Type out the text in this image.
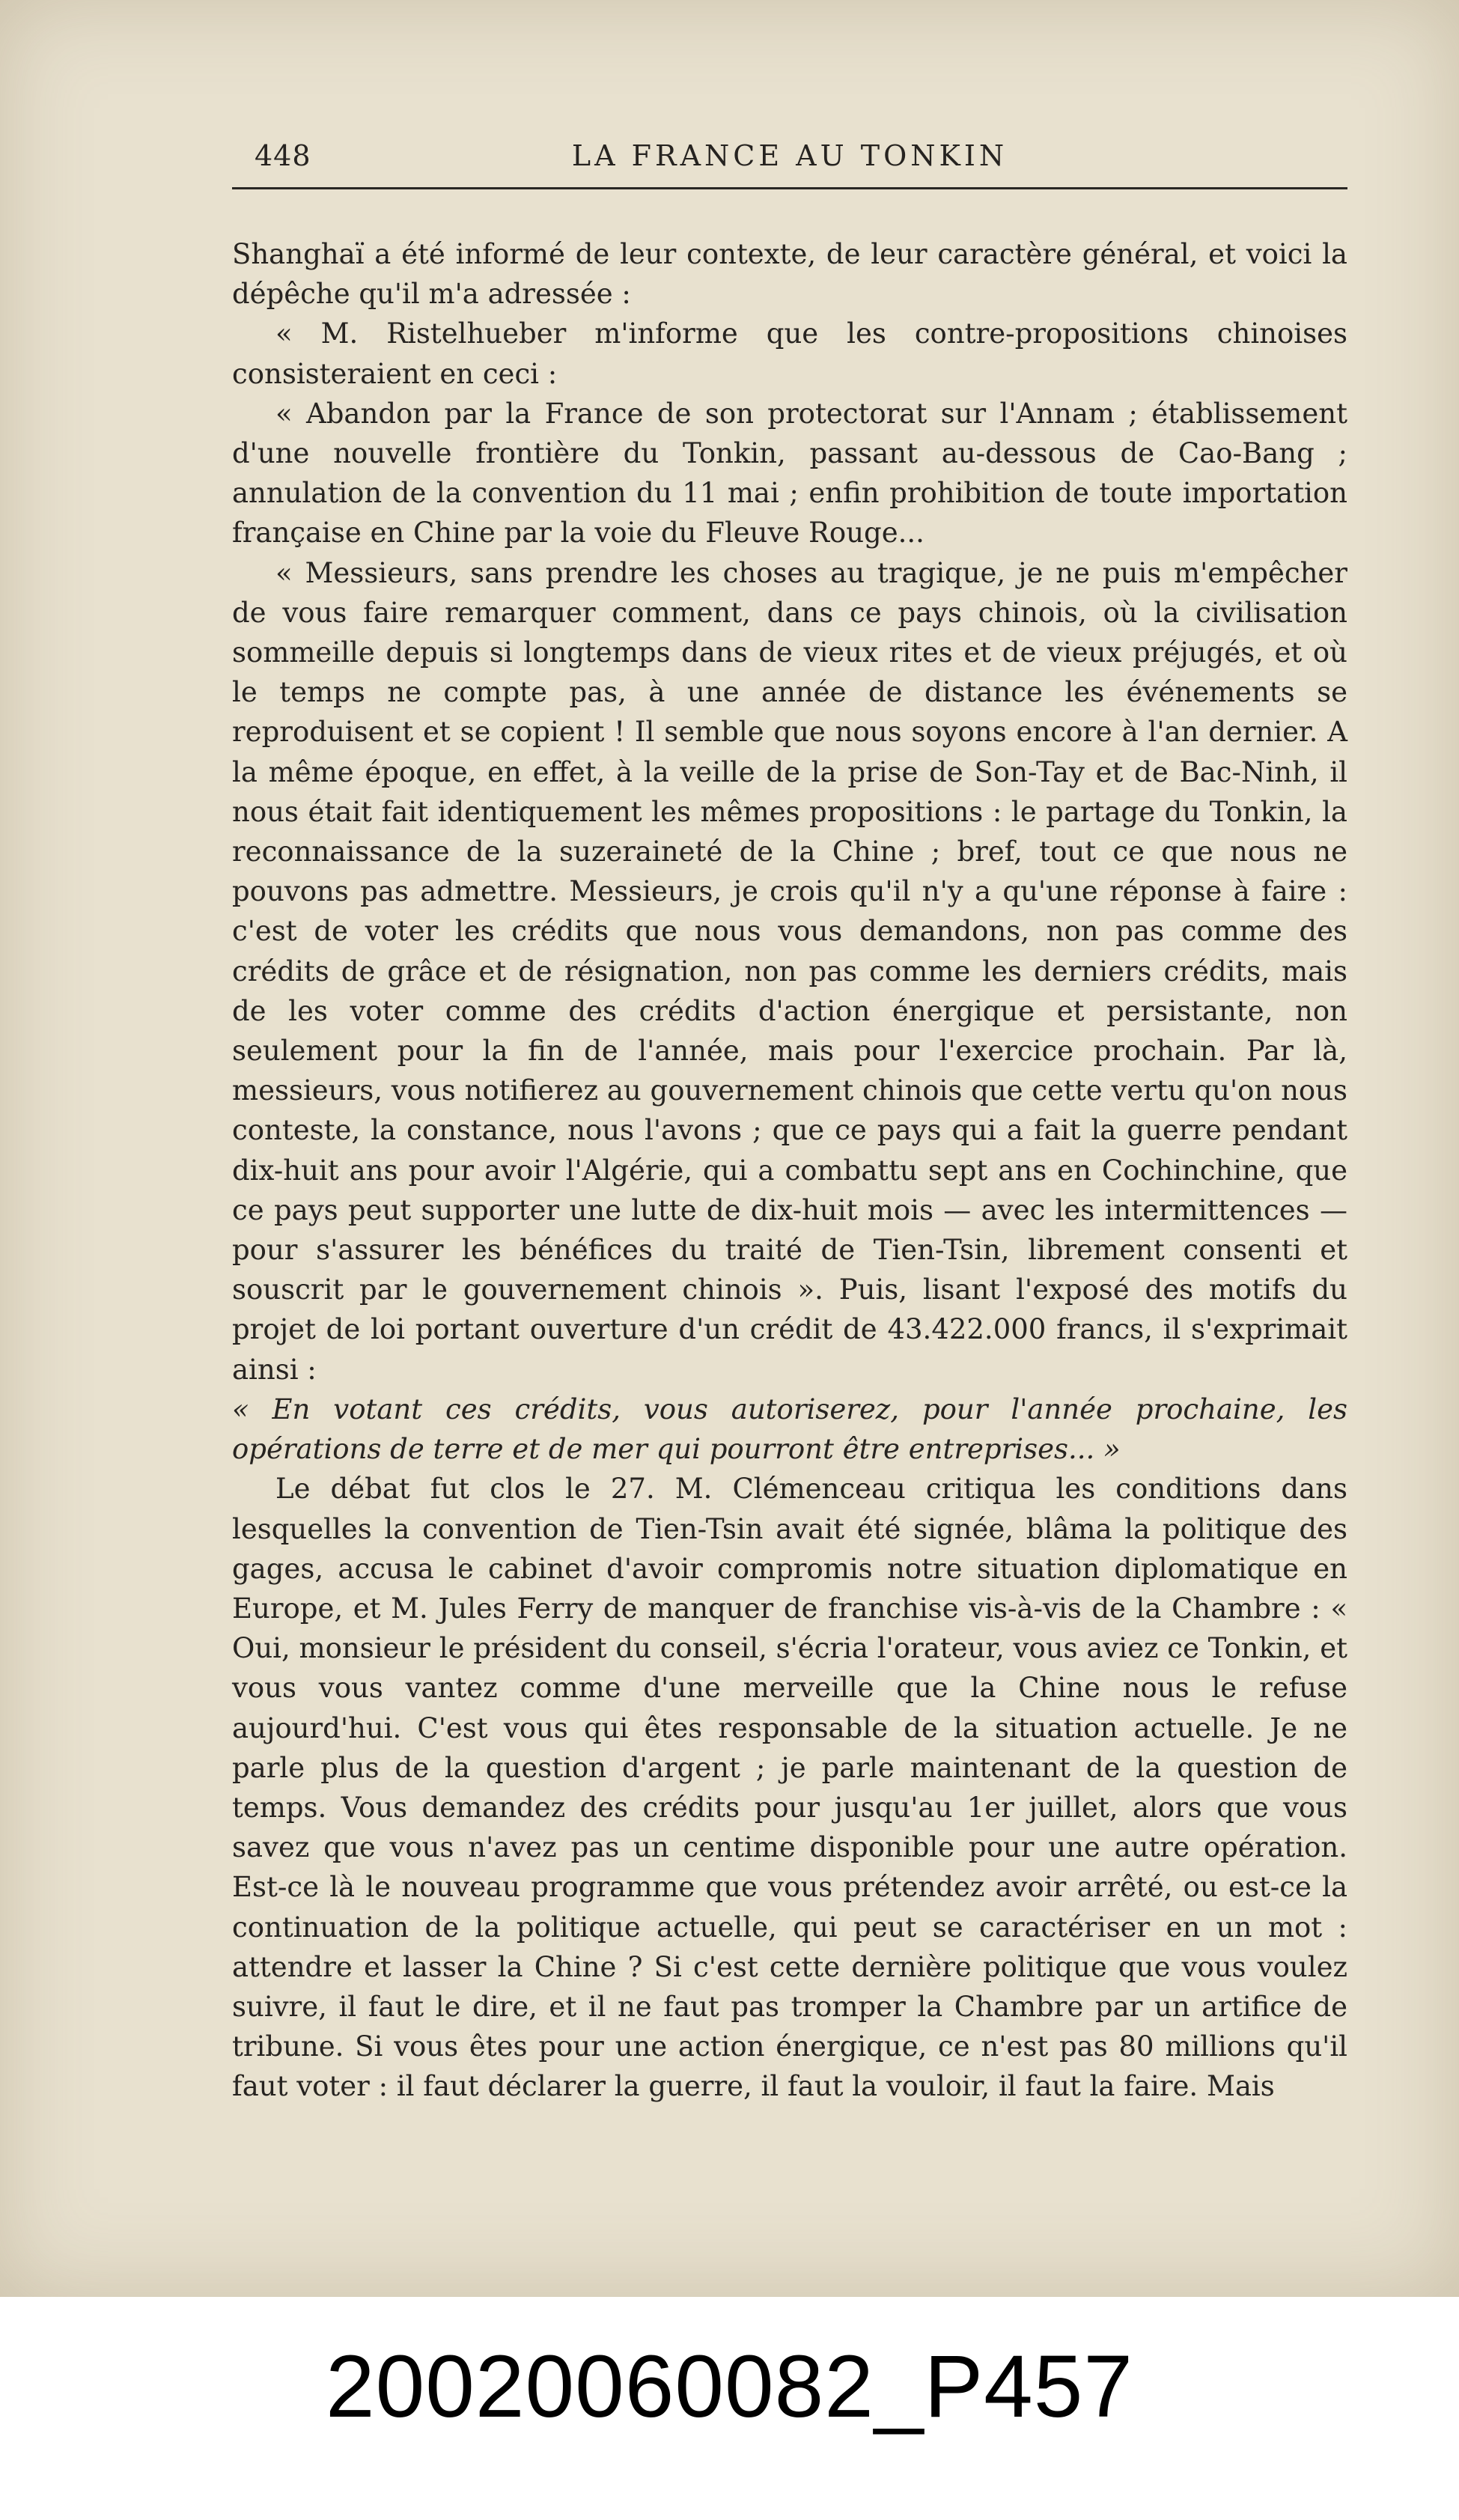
448	LA FRANCE AU TONKIN

Shanghaï a été informé de leur contexte, de leur caractère général, et voici la dépêche qu'il m'a adressée :

« M. Ristelhueber m'informe que les contre-propositions chinoises consisteraient en ceci :

« Abandon par la France de son protectorat sur l'Annam ; établissement d'une nouvelle frontière du Tonkin, passant au-dessous de Cao-Bang ; annulation de la convention du 11 mai ; enfin prohibition de toute importation française en Chine par la voie du Fleuve Rouge...

« Messieurs, sans prendre les choses au tragique, je ne puis m'empêcher de vous faire remarquer comment, dans ce pays chinois, où la civilisation sommeille depuis si longtemps dans de vieux rites et de vieux préjugés, et où le temps ne compte pas, à une année de distance les événements se reproduisent et se copient ! Il semble que nous soyons encore à l'an dernier. A la même époque, en effet, à la veille de la prise de Son-Tay et de Bac-Ninh, il nous était fait identiquement les mêmes propositions : le partage du Tonkin, la reconnaissance de la suzeraineté de la Chine ; bref, tout ce que nous ne pouvons pas admettre. Messieurs, je crois qu'il n'y a qu'une réponse à faire : c'est de voter les crédits que nous vous demandons, non pas comme des crédits de grâce et de résignation, non pas comme les derniers crédits, mais de les voter comme des crédits d'action énergique et persistante, non seulement pour la fin de l'année, mais pour l'exercice prochain. Par là, messieurs, vous notifierez au gouvernement chinois que cette vertu qu'on nous conteste, la constance, nous l'avons ; que ce pays qui a fait la guerre pendant dix-huit ans pour avoir l'Algérie, qui a combattu sept ans en Cochinchine, que ce pays peut supporter une lutte de dix-huit mois — avec les intermittences — pour s'assurer les bénéfices du traité de Tien-Tsin, librement consenti et souscrit par le gouvernement chinois ». Puis, lisant l'exposé des motifs du projet de loi portant ouverture d'un crédit de 43.422.000 francs, il s'exprimait ainsi :

« En votant ces crédits, vous autoriserez, pour l'année prochaine, les opérations de terre et de mer qui pourront être entreprises... »

Le débat fut clos le 27. M. Clémenceau critiqua les conditions dans lesquelles la convention de Tien-Tsin avait été signée, blâma la politique des gages, accusa le cabinet d'avoir compromis notre situation diplomatique en Europe, et M. Jules Ferry de manquer de franchise vis-à-vis de la Chambre : « Oui, monsieur le président du conseil, s'écria l'orateur, vous aviez ce Tonkin, et vous vous vantez comme d'une merveille que la Chine nous le refuse aujourd'hui. C'est vous qui êtes responsable de la situation actuelle. Je ne parle plus de la question d'argent ; je parle maintenant de la question de temps. Vous demandez des crédits pour jusqu'au 1er juillet, alors que vous savez que vous n'avez pas un centime disponible pour une autre opération. Est-ce là le nouveau programme que vous prétendez avoir arrêté, ou est-ce la continuation de la politique actuelle, qui peut se caractériser en un mot : attendre et lasser la Chine ? Si c'est cette dernière politique que vous voulez suivre, il faut le dire, et il ne faut pas tromper la Chambre par un artifice de tribune. Si vous êtes pour une action énergique, ce n'est pas 80 millions qu'il faut voter : il faut déclarer la guerre, il faut la vouloir, il faut la faire. Mais

20020060082_P457
